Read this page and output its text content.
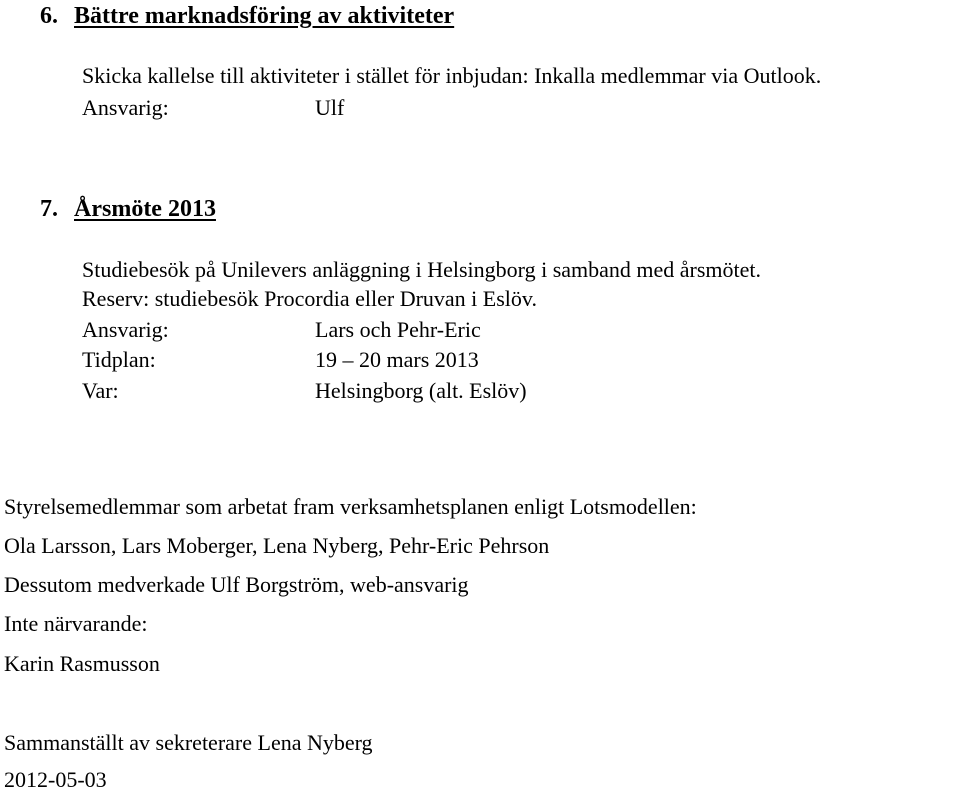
6. Bättre marknadsföring av aktiviteter
Skicka kallelse till aktiviteter i stället för inbjudan: Inkalla medlemmar via Outlook.
Ansvarig:	Ulf
7. Årsmöte 2013
Studiebesök på Unilevers anläggning i Helsingborg i samband med årsmötet.
Reserv: studiebesök Procordia eller Druvan i Eslöv.
Ansvarig:	Lars och Pehr-Eric
Tidplan:	19 – 20 mars 2013
Var:	Helsingborg (alt. Eslöv)
Styrelsemedlemmar som arbetat fram verksamhetsplanen enligt Lotsmodellen:
Ola Larsson, Lars Moberger, Lena Nyberg, Pehr-Eric Pehrson
Dessutom medverkade Ulf Borgström, web-ansvarig
Inte närvarande:
Karin Rasmusson
Sammanställt av sekreterare Lena Nyberg
2012-05-03
